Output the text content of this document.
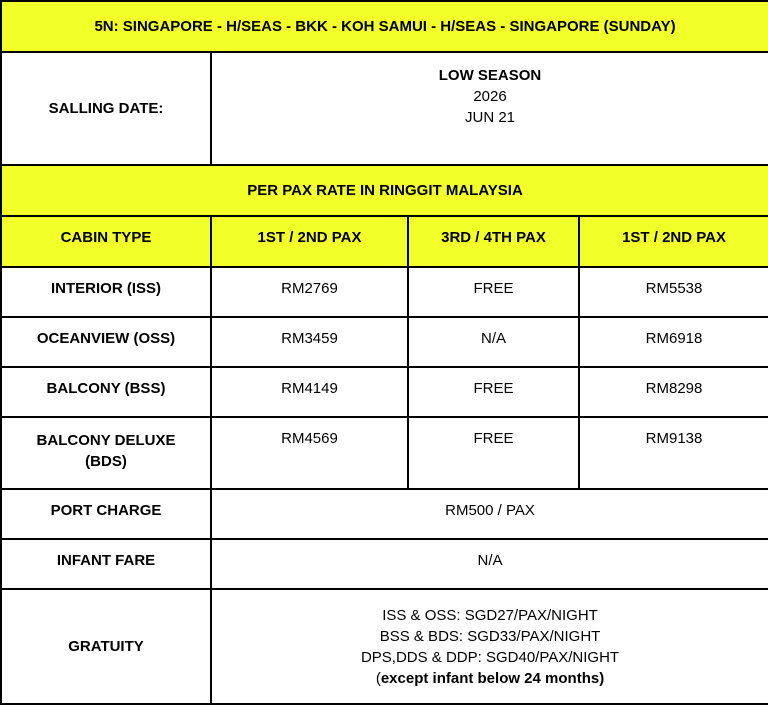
5N: SINGAPORE - H/SEAS - BKK - KOH SAMUI - H/SEAS - SINGAPORE (SUNDAY)			
SALLING DATE:	LOW SEASON
2026
JUN 21		

PER PAX RATE IN RINGGIT MALAYSIA			
CABIN TYPE	1ST / 2ND PAX	3RD / 4TH PAX	1ST / 2ND PAX
INTERIOR (ISS)	RM2769	FREE	RM5538
OCEANVIEW (OSS)	RM3459	N/A	RM6918
BALCONY (BSS)	RM4149	FREE	RM8298

BALCONY DELUXE
(BDS)	RM4569	FREE	RM9138
PORT CHARGE	RM500 / PAX		
INFANT FARE	N/A		
GRATUITY	ISS & OSS: SGD27/PAX/NIGHT
BSS & BDS: SGD33/PAX/NIGHT
DPS,DDS & DDP: SGD40/PAX/NIGHT
(except infant below 24 months)		
